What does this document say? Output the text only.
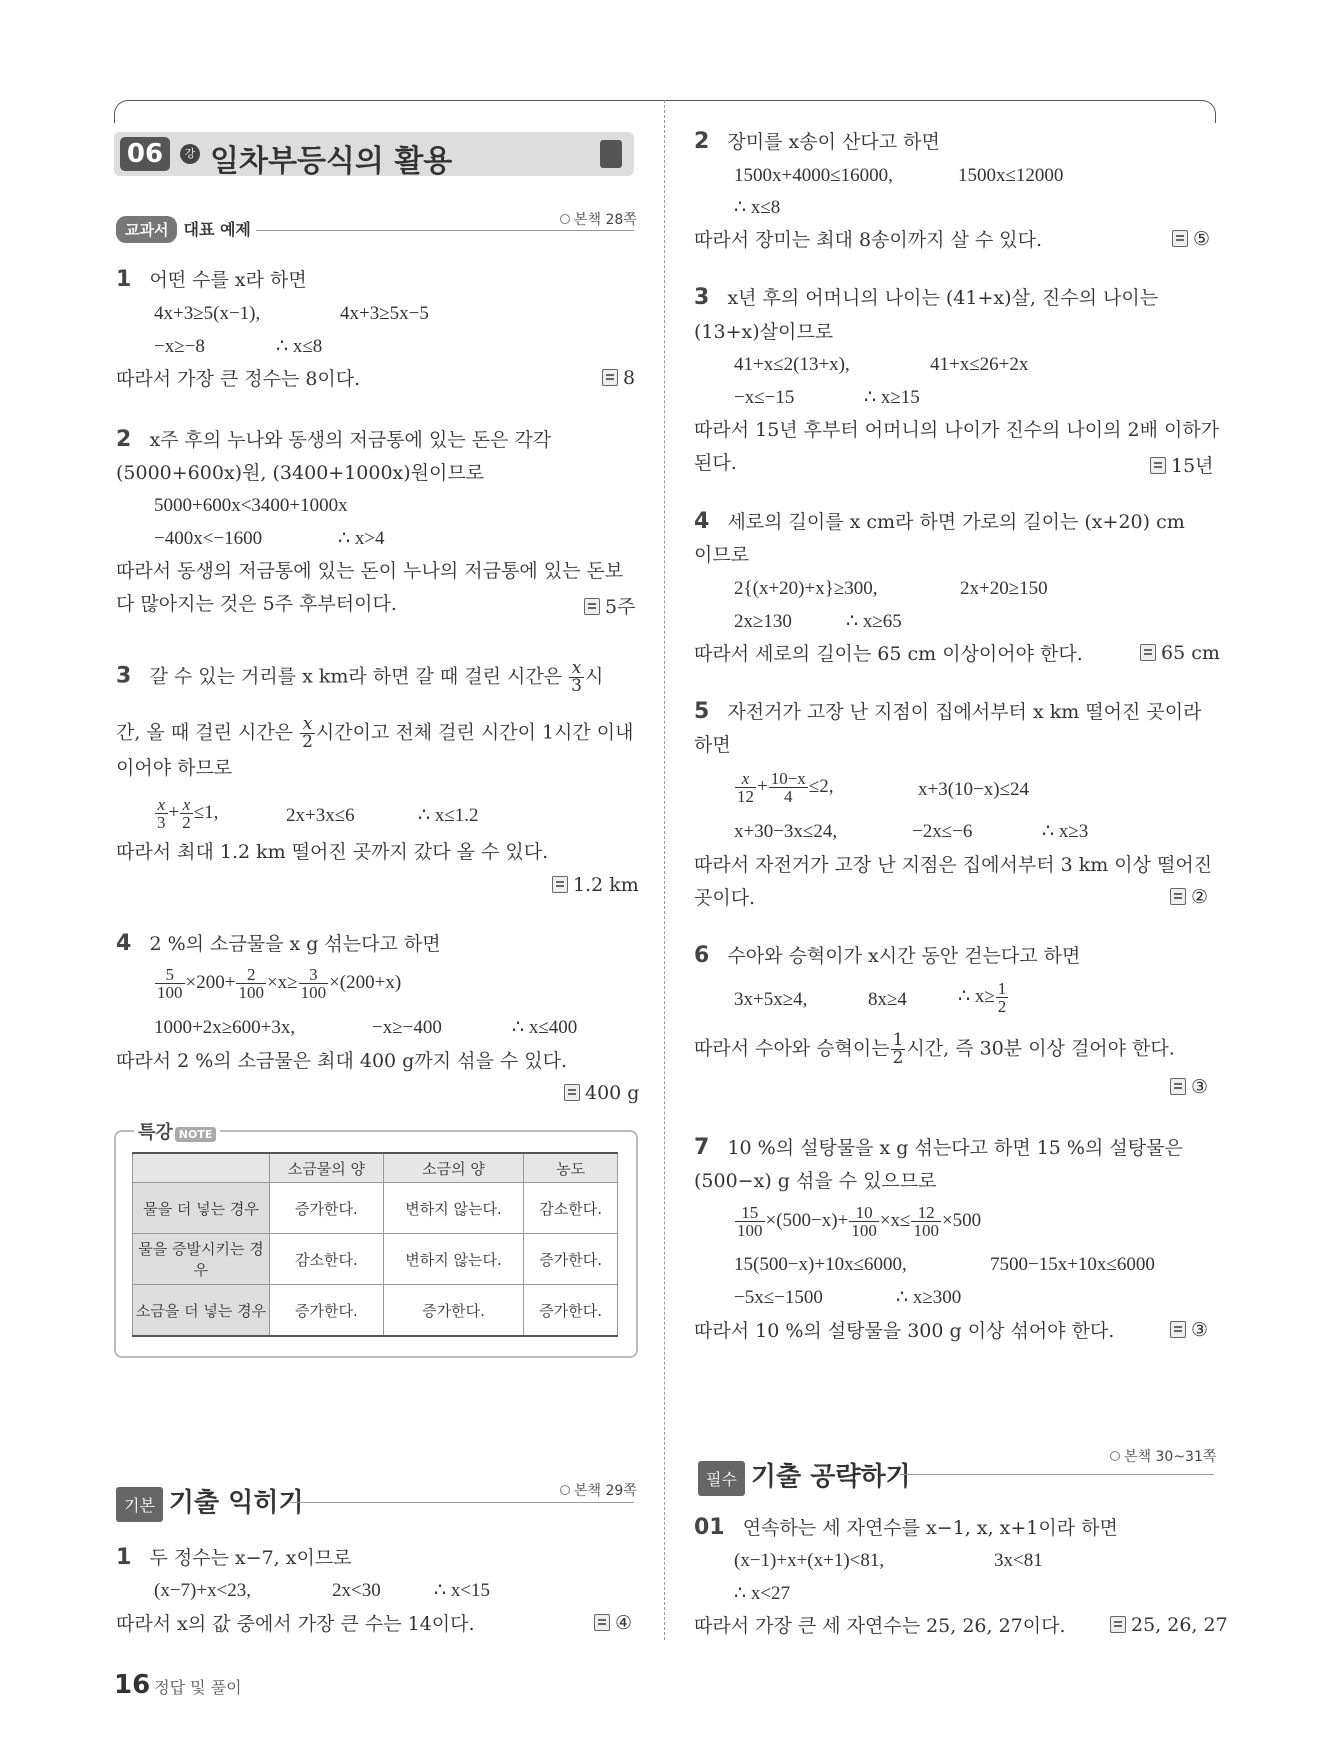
06	강 일차부등식의 활용
교과서 대표 예제	본책 28쪽
1 어떤 수를 x라 하면
4x+3≥5(x−1),	4x+3≥5x−5
−x≥−8	∴ x≤8
따라서 가장 큰 정수는 8이다.	8
2 x주 후의 누나와 동생의 저금통에 있는 돈은 각각
(5000+600x)원, (3400+1000x)원이므로
5000+600x<3400+1000x
−400x<−1600	∴ x>4
따라서 동생의 저금통에 있는 돈이 누나의 저금통에 있는 돈보
다 많아지는 것은 5주 후부터이다.	5주
3 갈 수 있는 거리를 x km라 하면 갈 때 걸린 시간은 $\frac{x}{3}$ 시
간, 올 때 걸린 시간은 $\frac{x}{2}$ 시간이고 전체 걸린 시간이 1시간 이내
이어야 하므로
$\frac{x}{3} + \frac{x}{2} \le 1$,	2x+3x≤6	∴ x≤1.2
따라서 최대 1.2 km 떨어진 곳까지 갔다 올 수 있다.
1.2 km
4 2 %의 소금물을 x g 섞는다고 하면
$\frac{5}{100} \times 200+ \frac{2}{100} \times x\ge \frac{3}{100} \times(200+x)$
1000+2x≥600+3x,	−x≥−400	∴ x≤400
따라서 2 %의 소금물은 최대 400 g까지 섞을 수 있다.
400 g
특강 NOTE
	소금물의 양	소금의 양	농도
물을 더 넣는 경우	증가한다.	변하지 않는다.	감소한다.
물을 증발시키는 경우	감소한다.	변하지 않는다.	증가한다.
소금을 더 넣는 경우	증가한다.	증가한다.	증가한다.
기본 기출 익히기	본책 29쪽
1 두 정수는 x−7, x이므로
(x−7)+x<23,	2x<30	∴ x<15
따라서 x의 값 중에서 가장 큰 수는 14이다.	④
2 장미를 x송이 산다고 하면
1500x+4000≤16000,	1500x≤12000
∴ x≤8
따라서 장미는 최대 8송이까지 살 수 있다.	⑤
3 x년 후의 어머니의 나이는 (41+x)살, 진수의 나이는
(13+x)살이므로
41+x≤2(13+x),	41+x≤26+2x
−x≤−15	∴ x≥15
따라서 15년 후부터 어머니의 나이가 진수의 나이의 2배 이하가
된다.	15년
4 세로의 길이를 x cm라 하면 가로의 길이는 (x+20) cm
이므로
2{(x+20)+x}≥300,	2x+20≥150
2x≥130	∴ x≥65
따라서 세로의 길이는 65 cm 이상이어야 한다.	65 cm
5 자전거가 고장 난 지점이 집에서부터 x km 떨어진 곳이라
하면
$\frac{x}{12} + \frac{10-x}{4} \le 2$,	x+3(10−x)≤24
x+30−3x≤24,	−2x≤−6	∴ x≥3
따라서 자전거가 고장 난 지점은 집에서부터 3 km 이상 떨어진
곳이다.	②
6 수아와 승혁이가 x시간 동안 걷는다고 하면
3x+5x≥4,	8x≥4	∴ $x\ge \frac{1}{2}$
따라서 수아와 승혁이는 $\frac{1}{2}$ 시간, 즉 30분 이상 걸어야 한다.
③
7 10 %의 설탕물을 x g 섞는다고 하면 15 %의 설탕물은
(500−x) g 섞을 수 있으므로
$\frac{15}{100} \times(500-x)+ \frac{10}{100} \times x\le \frac{12}{100} \times 500$
15(500−x)+10x≤6000,	7500−15x+10x≤6000
−5x≤−1500	∴ x≥300
따라서 10 %의 설탕물을 300 g 이상 섞어야 한다.	③
필수 기출 공략하기
본책 30~31쪽
01 연속하는 세 자연수를 x−1, x, x+1이라 하면
(x−1)+x+(x+1)<81,	3x<81
∴ x<27
따라서 가장 큰 세 자연수는 25, 26, 27이다.	25, 26, 27
16 정답 및 풀이
